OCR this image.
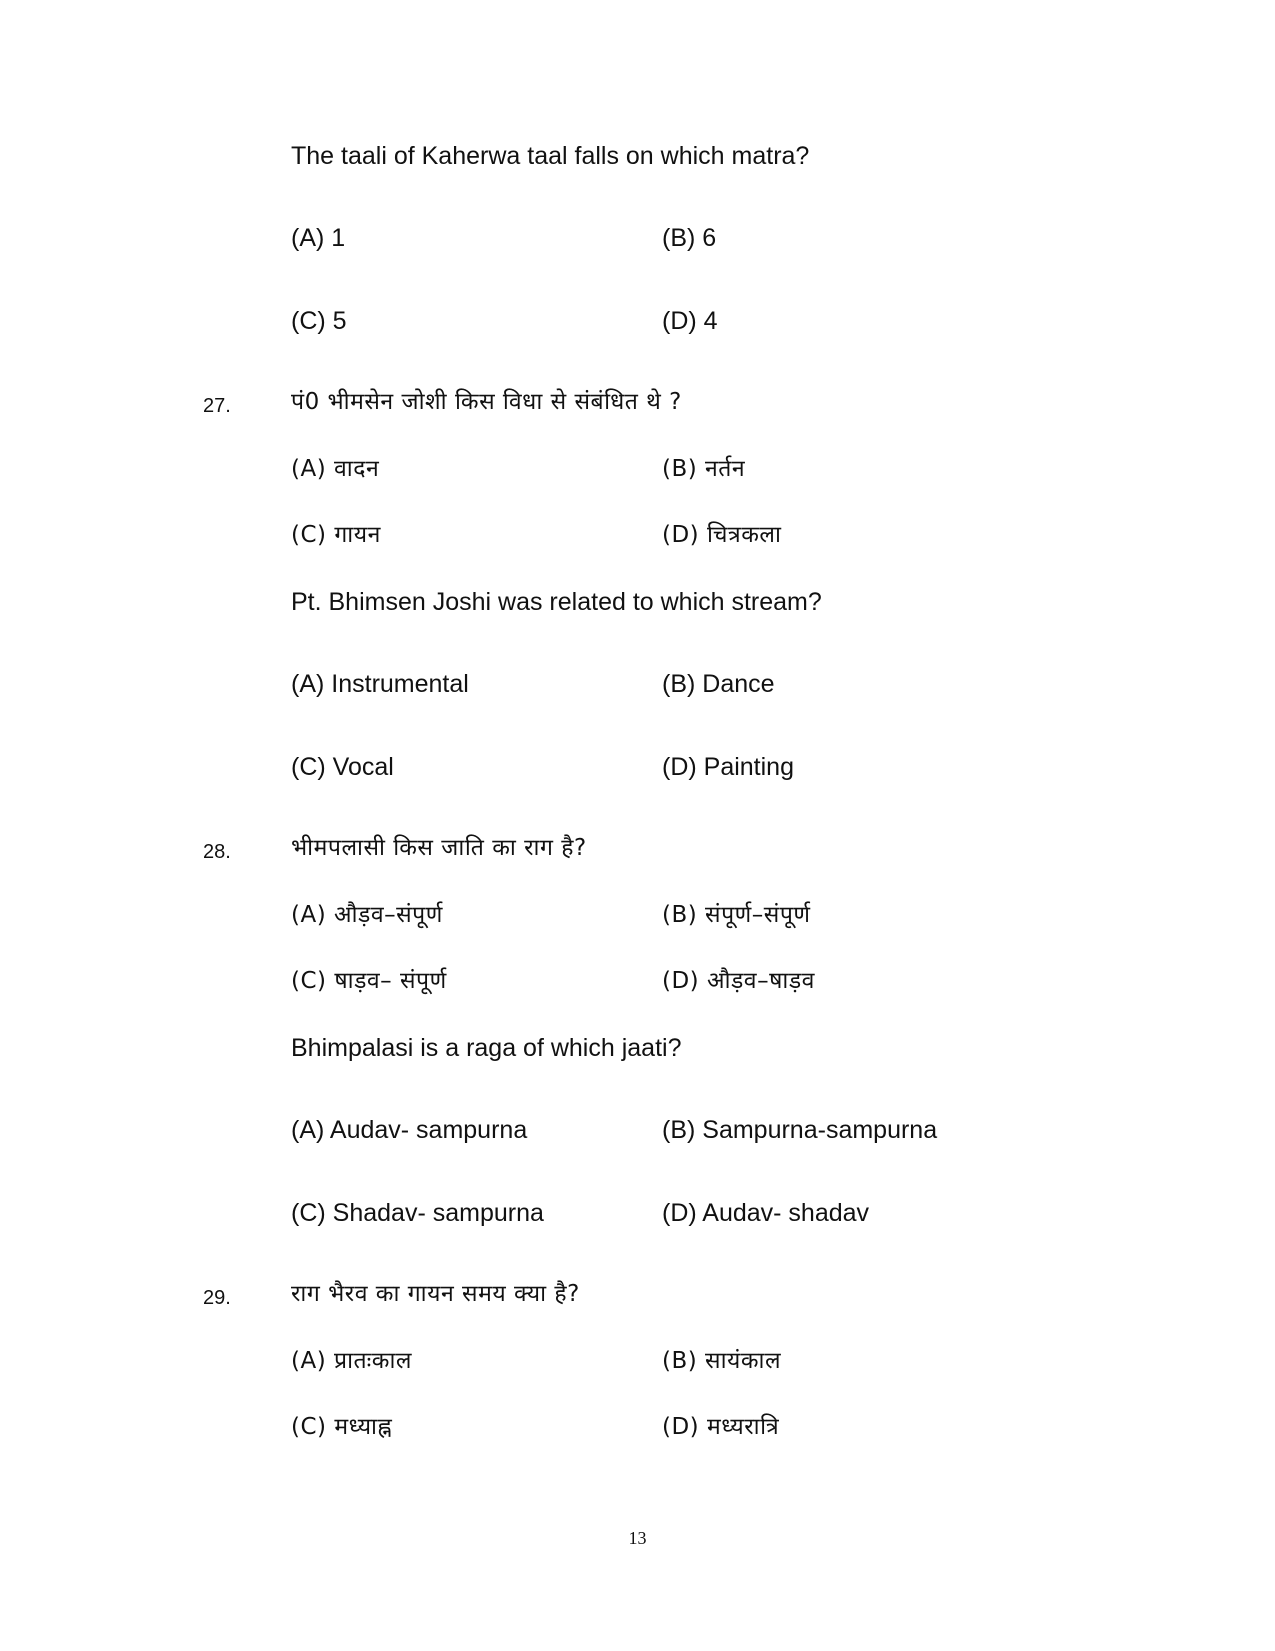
The taali of Kaherwa taal falls on which matra?
(A) 1	(B) 6
(C) 5	(D) 4
27.	पं0 भीमसेन जोशी किस विधा से संबंधित थे ?
(A) वादन	(B) नर्तन
(C) गायन	(D) चित्रकला
Pt. Bhimsen Joshi was related to which stream?
(A) Instrumental	(B) Dance
(C) Vocal	(D) Painting
28.	भीमपलासी किस जाति का राग है?
(A) औड़व–संपूर्ण	(B) संपूर्ण–संपूर्ण
(C) षाड़व– संपूर्ण	(D) औड़व–षाड़व
Bhimpalasi is a raga of which jaati?
(A) Audav- sampurna	(B) Sampurna-sampurna
(C) Shadav- sampurna	(D) Audav- shadav
29.	राग भैरव का गायन समय क्या है?
(A) प्रातःकाल	(B) सायंकाल
(C) मध्याह्न	(D) मध्यरात्रि
13
